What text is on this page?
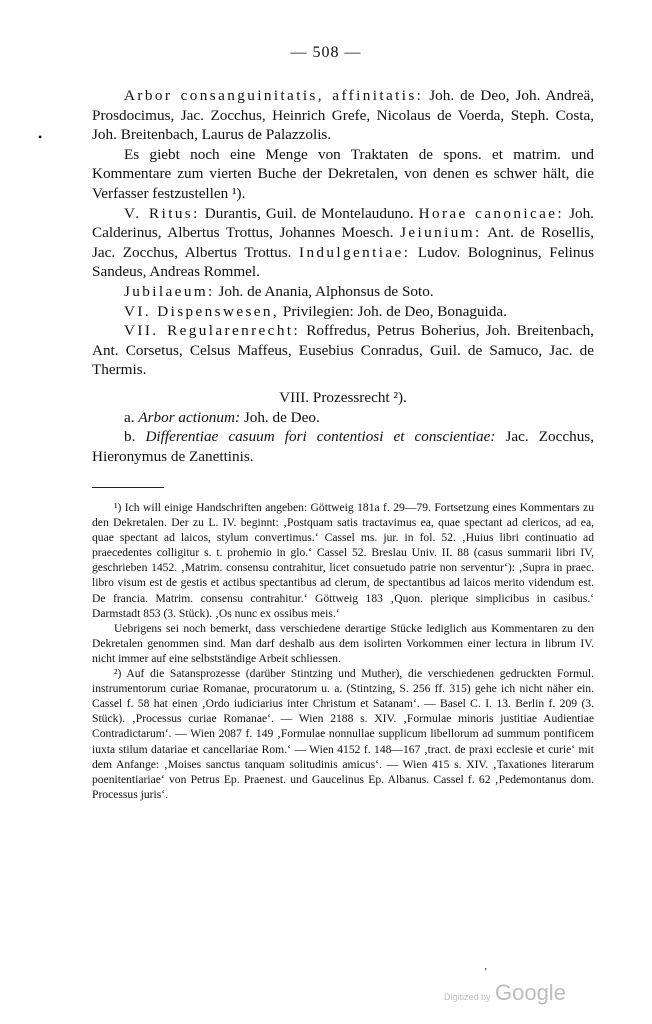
— 508 —
•

Arbor consanguinitatis, affinitatis: Joh. de Deo, Joh. Andreä, Prosdocimus, Jac. Zocchus, Heinrich Grefe, Nicolaus de Voerda, Steph. Costa, Joh. Breitenbach, Laurus de Palazzolis.

Es giebt noch eine Menge von Traktaten de spons. et matrim. und Kommentare zum vierten Buche der Dekretalen, von denen es schwer hält, die Verfasser festzustellen ¹).

V. Ritus: Durantis, Guil. de Montelauduno. Horae canonicae: Joh. Calderinus, Albertus Trottus, Johannes Moesch. Jeiunium: Ant. de Rosellis, Jac. Zocchus, Albertus Trottus. Indulgentiae: Ludov. Bologninus, Felinus Sandeus, Andreas Rommel.

Jubilaeum: Joh. de Anania, Alphonsus de Soto.

VI. Dispenswesen, Privilegien: Joh. de Deo, Bonaguida.

VII. Regularenrecht: Roffredus, Petrus Boherius, Joh. Breitenbach, Ant. Corsetus, Celsus Maffeus, Eusebius Conradus, Guil. de Samuco, Jac. de Thermis.

VIII. Prozessrecht ²).

a. Arbor actionum: Joh. de Deo.

b. Differentiae casuum fori contentiosi et conscientiae: Jac. Zocchus, Hieronymus de Zanettinis.

¹) Ich will einige Handschriften angeben: Göttweig 181a f. 29—79. Fortsetzung eines Kommentars zu den Dekretalen. Der zu L. IV. beginnt: ‚Postquam satis tractavimus ea, quae spectant ad clericos, ad ea, quae spectant ad laicos, stylum convertimus.‘ Cassel ms. jur. in fol. 52. ‚Huius libri continuatio ad praecedentes colligitur s. t. prohemio in glo.‘ Cassel 52. Breslau Univ. II. 88 (casus summarii libri IV, geschrieben 1452. ‚Matrim. consensu contrahitur, licet consuetudo patrie non serventur‘): ‚Supra in praec. libro visum est de gestis et actibus spectantibus ad clerum, de spectantibus ad laicos merito videndum est. De francia. Matrim. consensu contrahitur.‘ Göttweig 183 ‚Quon. plerique simplicibus in casibus.‘ Darmstadt 853 (3. Stück). ‚Os nunc ex ossibus meis.‘

Uebrigens sei noch bemerkt, dass verschiedene derartige Stücke lediglich aus Kommentaren zu den Dekretalen genommen sind. Man darf deshalb aus dem isolirten Vorkommen einer lectura in librum IV. nicht immer auf eine selbstständige Arbeit schliessen.

²) Auf die Satansprozesse (darüber Stintzing und Muther), die verschiedenen gedruckten Formul. instrumentorum curiae Romanae, procuratorum u. a. (Stintzing, S. 256 ff. 315) gehe ich nicht näher ein. Cassel f. 58 hat einen ‚Ordo iudiciarius inter Christum et Satanam‘. — Basel C. I. 13. Berlin f. 209 (3. Stück). ‚Processus curiae Romanae‘. — Wien 2188 s. XIV. ‚Formulae minoris justitiae Audientiae Contradictarum‘. — Wien 2087 f. 149 ‚Formulae nonnullae supplicum libellorum ad summum pontificem iuxta stilum datariae et cancellariae Rom.‘ — Wien 4152 f. 148—167 ‚tract. de praxi ecclesie et curie‘ mit dem Anfange: ‚Moises sanctus tanquam solitudinis amicus‘. — Wien 415 s. XIV. ‚Taxationes literarum poenitentiariae‘ von Petrus Ep. Praenest. und Gaucelinus Ep. Albanus. Cassel f. 62 ‚Pedemontanus dom. Processus juris‘.

ʼ
Digitized by Google
